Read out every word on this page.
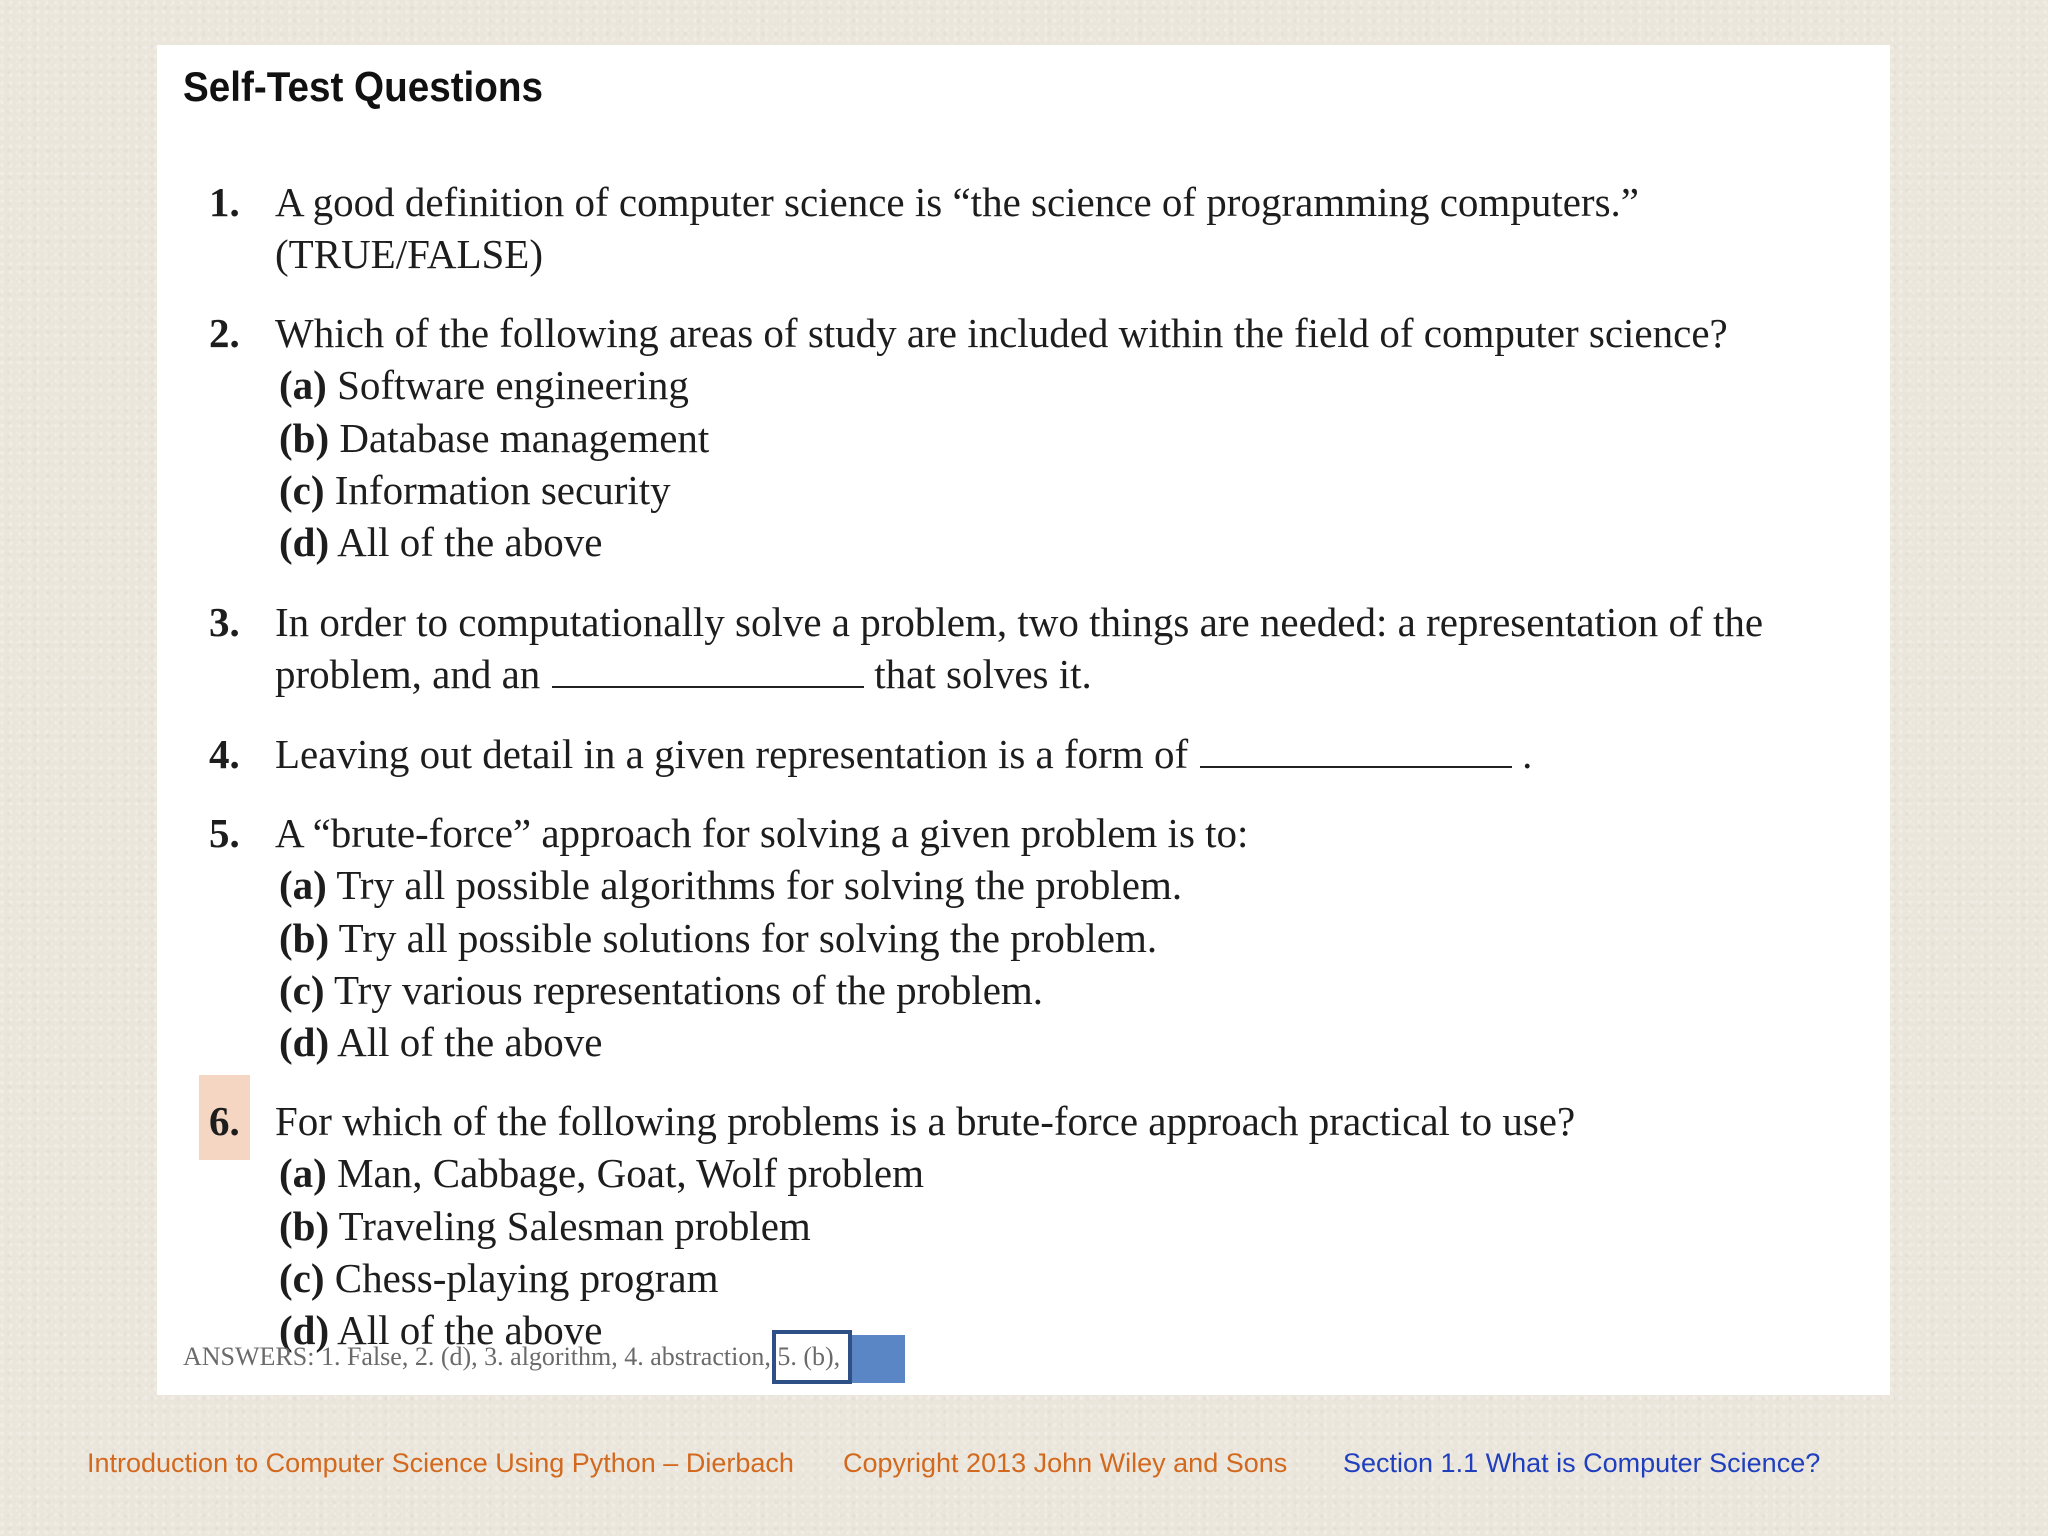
Self-Test Questions
1. A good definition of computer science is “the science of programming computers.”
(TRUE/FALSE)
2. Which of the following areas of study are included within the field of computer science?
(a) Software engineering
(b) Database management
(c) Information security
(d) All of the above
3. In order to computationally solve a problem, two things are needed: a representation of the
problem, and an	that solves it.
4. Leaving out detail in a given representation is a form of	.
5. A “brute-force” approach for solving a given problem is to:
(a) Try all possible algorithms for solving the problem.
(b) Try all possible solutions for solving the problem.
(c) Try various representations of the problem.
(d) All of the above
6. For which of the following problems is a brute-force approach practical to use?
(a) Man, Cabbage, Goat, Wolf problem
(b) Traveling Salesman problem
(c) Chess-playing program
(d) All of the above
ANSWERS: 1. False, 2. (d), 3. algorithm, 4. abstraction, 5. (b),
Introduction to Computer Science Using Python – Dierbach Copyright 2013 John Wiley and Sons Section 1.1 What is Computer Science?
